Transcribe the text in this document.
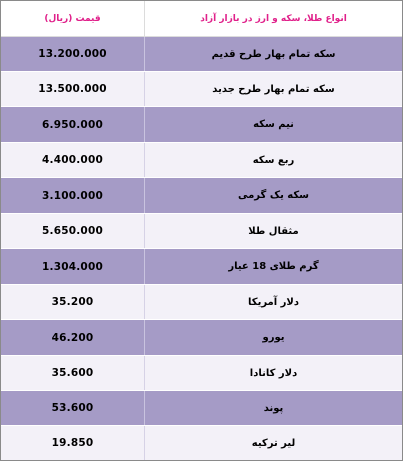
قیمت (ریال)	انواع طلا، سکه و ارز در بازار آزاد
13.200.000	سکه تمام بهار طرح قدیم
13.500.000	سکه تمام بهار طرح جدید
6.950.000	نیم سکه
4.400.000	ربع سکه
3.100.000	سکه یک گرمی
5.650.000	مثقال طلا
1.304.000	گرم طلای 18 عیار
35.200	دلار آمریکا
46.200	یورو
35.600	دلار کانادا
53.600	پوند
19.850	لیر ترکیه
